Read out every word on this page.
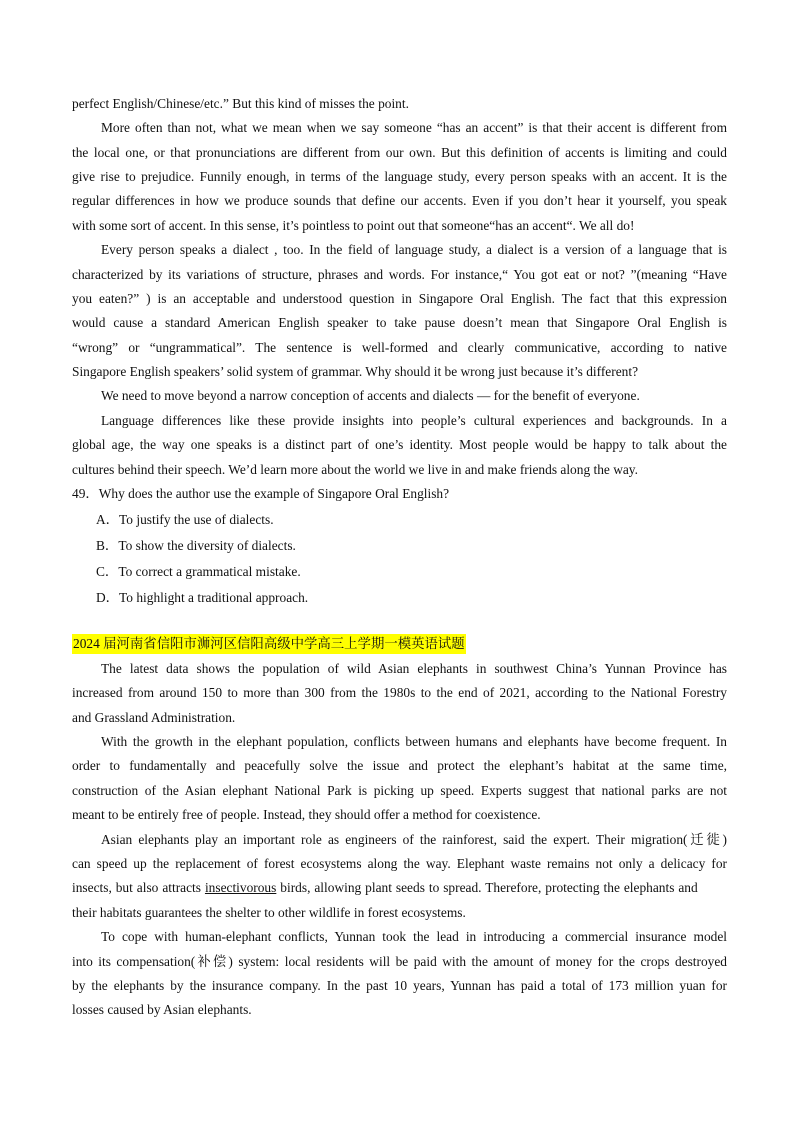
perfect English/Chinese/etc.” But this kind of misses the point.
More often than not, what we mean when we say someone “has an accent” is that their accent is different from
the local one, or that pronunciations are different from our own. But this definition of accents is limiting and could
give rise to prejudice. Funnily enough, in terms of the language study, every person speaks with an accent. It is the
regular differences in how we produce sounds that define our accents. Even if you don’t hear it yourself, you speak
with some sort of accent. In this sense, it’s pointless to point out that someone“has an accent“. We all do!
Every person speaks a dialect , too. In the field of language study, a dialect is a version of a language that is
characterized by its variations of structure, phrases and words. For instance,“ You got eat or not? ”(meaning “Have
you eaten?” ) is an acceptable and understood question in Singapore Oral English. The fact that this expression
would cause a standard American English speaker to take pause doesn’t mean that Singapore Oral English is
“wrong” or “ungrammatical”. The sentence is well-formed and clearly communicative, according to native
Singapore English speakers’ solid system of grammar. Why should it be wrong just because it’s different?
We need to move beyond a narrow conception of accents and dialects — for the benefit of everyone.
Language differences like these provide insights into people’s cultural experiences and backgrounds. In a
global age, the way one speaks is a distinct part of one’s identity. Most people would be happy to talk about the
cultures behind their speech. We’d learn more about the world we live in and make friends along the way.
49．Why does the author use the example of Singapore Oral English?
A．To justify the use of dialects.
B．To show the diversity of dialects.
C．To correct a grammatical mistake.
D．To highlight a traditional approach.
2024 届河南省信阳市浉河区信阳高级中学高三上学期一模英语试题
The latest data shows the population of wild Asian elephants in southwest China’s Yunnan Province has
increased from around 150 to more than 300 from the 1980s to the end of 2021, according to the National Forestry
and Grassland Administration.
With the growth in the elephant population, conflicts between humans and elephants have become frequent. In
order to fundamentally and peacefully solve the issue and protect the elephant’s habitat at the same time,
construction of the Asian elephant National Park is picking up speed. Experts suggest that national parks are not
meant to be entirely free of people. Instead, they should offer a method for coexistence.
Asian elephants play an important role as engineers of the rainforest, said the expert. Their migration(迁徙)
can speed up the replacement of forest ecosystems along the way. Elephant waste remains not only a delicacy for
insects, but also attracts insectivorous birds, allowing plant seeds to spread. Therefore, protecting the elephants and
their habitats guarantees the shelter to other wildlife in forest ecosystems.
To cope with human-elephant conflicts, Yunnan took the lead in introducing a commercial insurance model
into its compensation(补偿) system: local residents will be paid with the amount of money for the crops destroyed
by the elephants by the insurance company. In the past 10 years, Yunnan has paid a total of 173 million yuan for
losses caused by Asian elephants.
